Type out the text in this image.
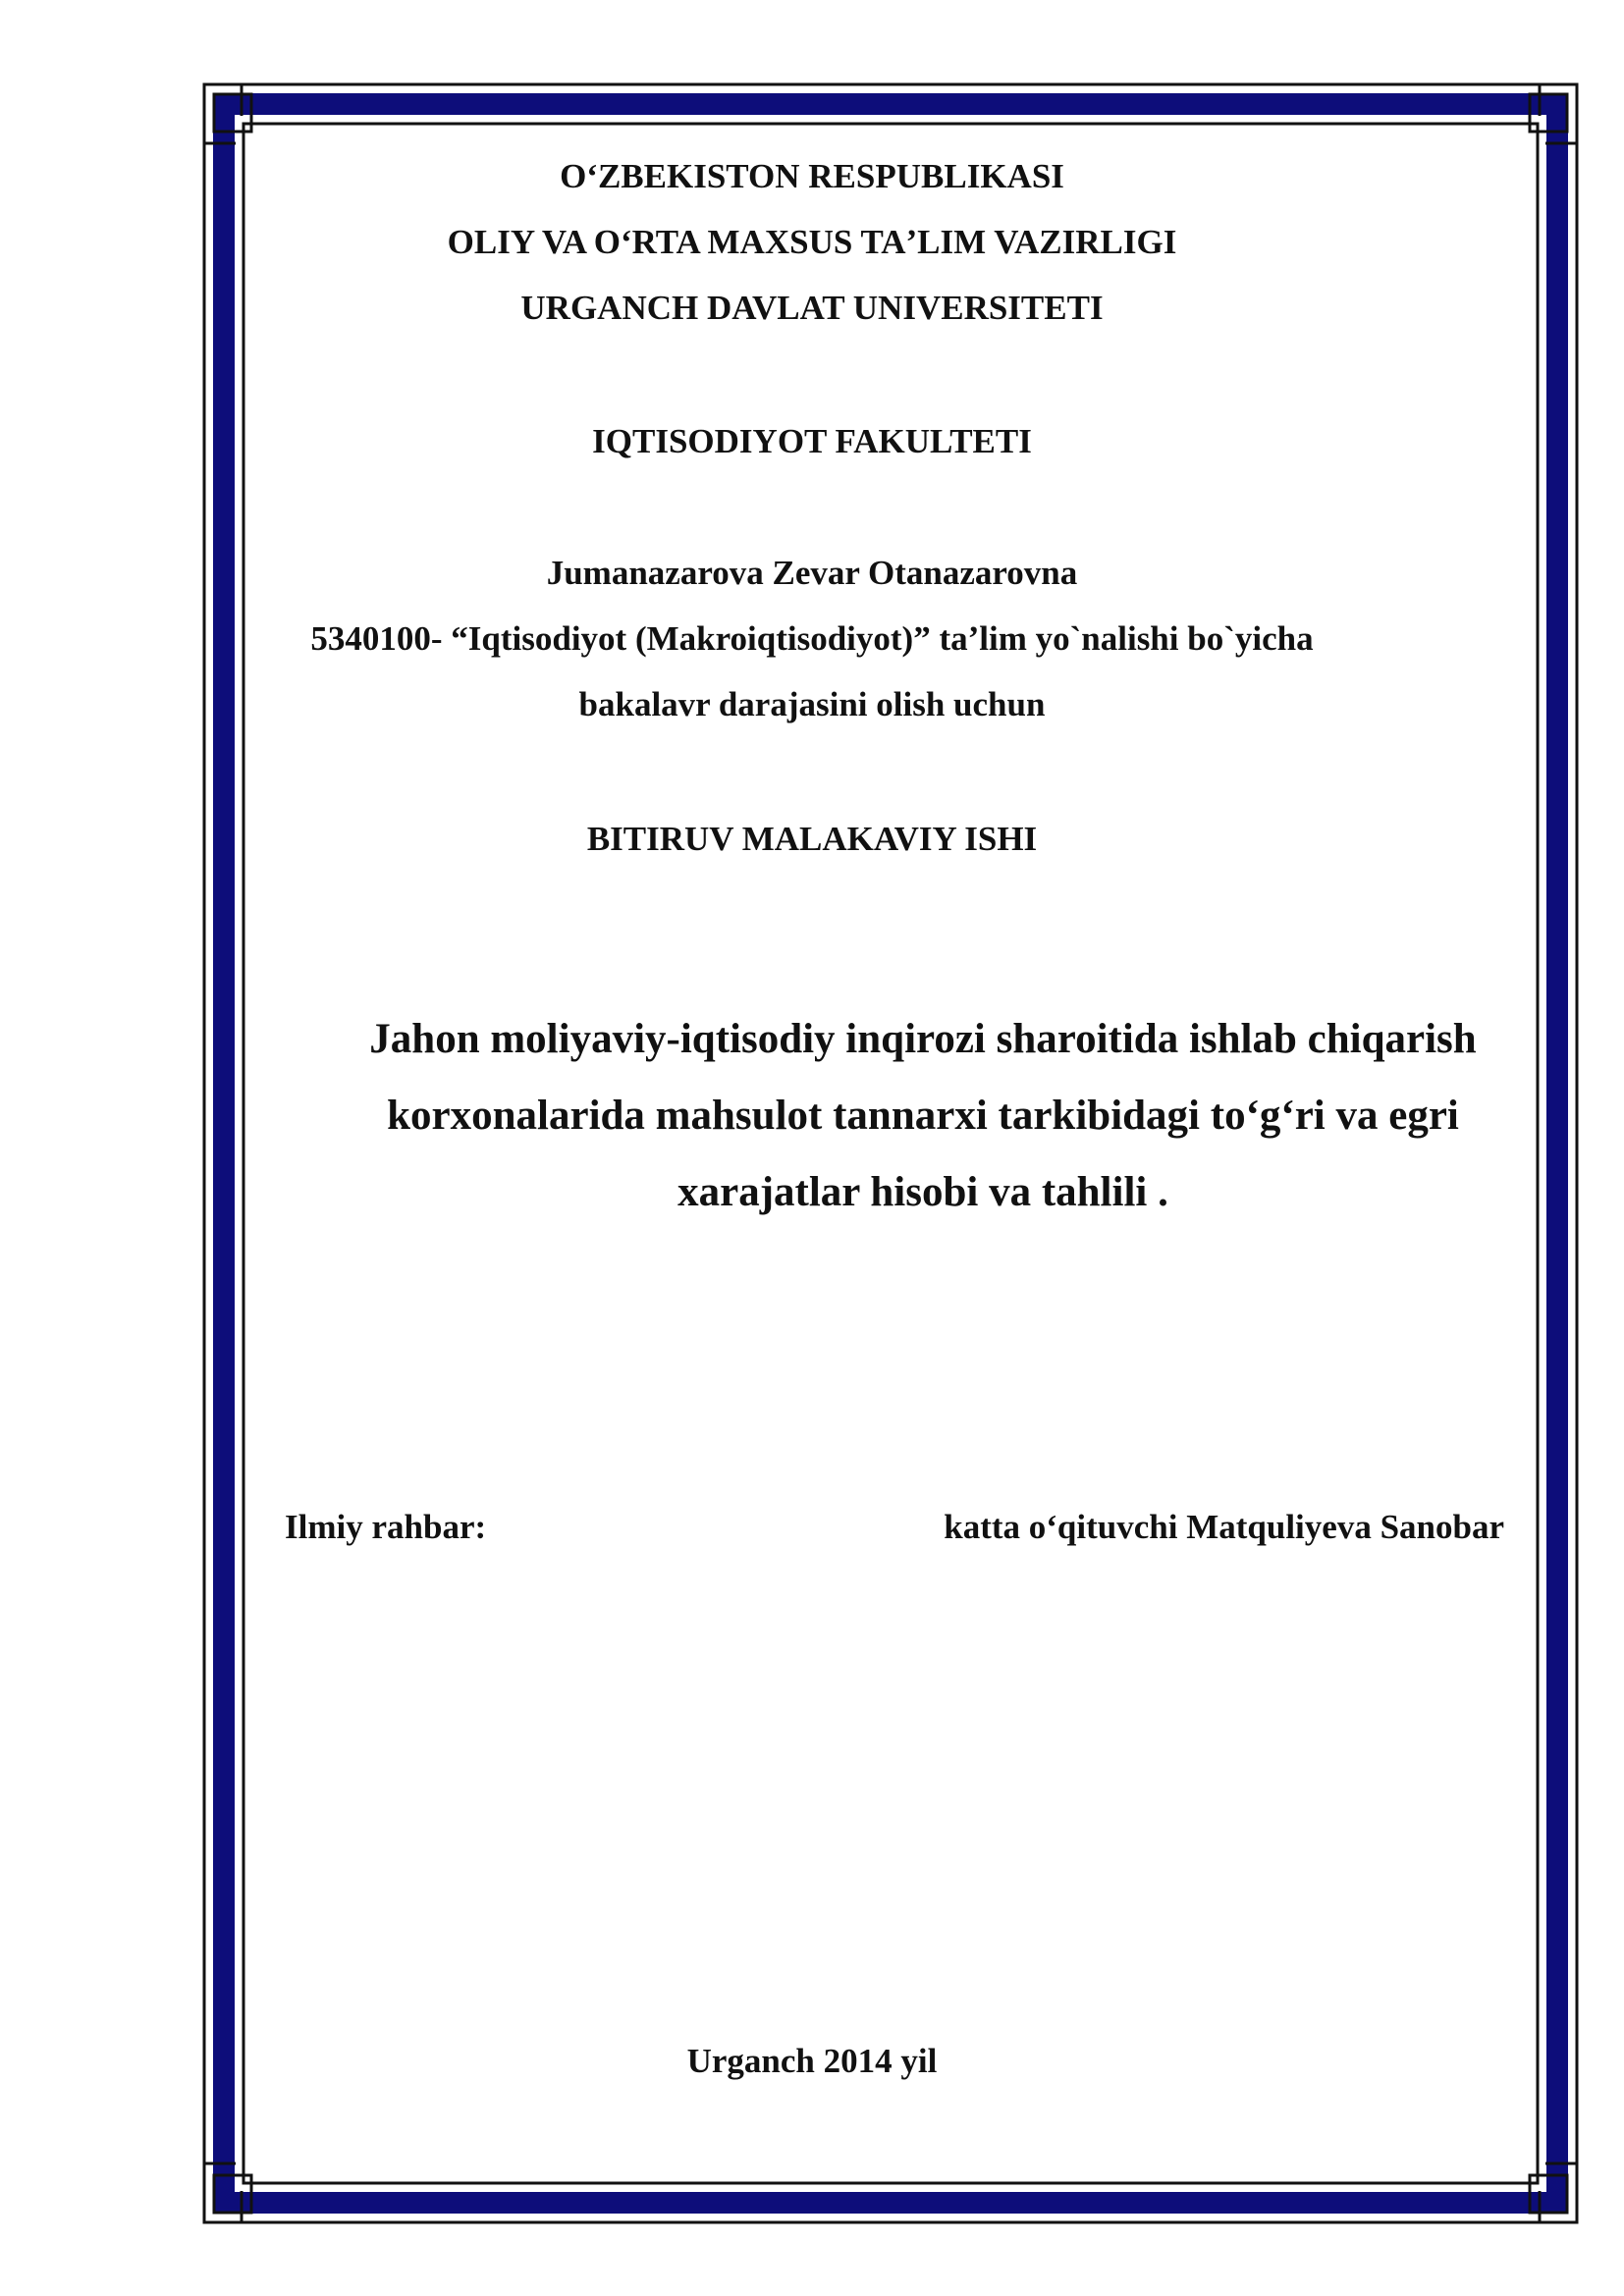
OʻZBEKISTON RESPUBLIKASI
OLIY VA OʻRTA MAXSUS TAʼLIM VAZIRLIGI
URGANCH DAVLAT UNIVERSITETI
IQTISODIYOT FAKULTETI
Jumanazarova Zevar Otanazarovna
5340100- “Iqtisodiyot (Makroiqtisodiyot)” taʼlim yo`nalishi bo`yicha
bakalavr darajasini olish uchun
BITIRUV MALAKAVIY ISHI
Jahon moliyaviy-iqtisodiy inqirozi sharoitida ishlab chiqarish
korxonalarida mahsulot tannarxi tarkibidagi toʻgʻri va egri
xarajatlar hisobi va tahlili .
Ilmiy rahbar:	katta oʻqituvchi Matquliyeva Sanobar
Urganch 2014 yil
